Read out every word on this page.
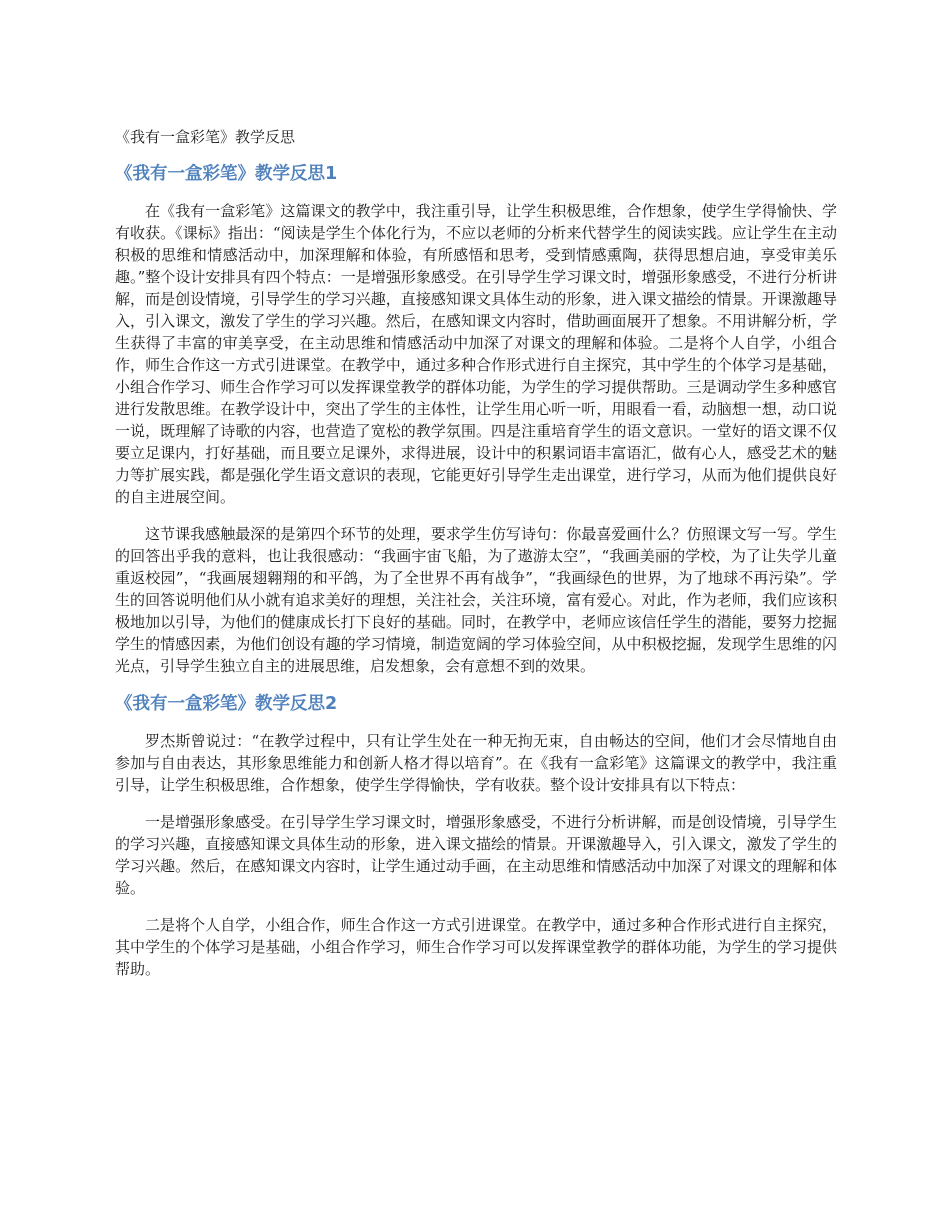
《我有一盒彩笔》教学反思
《我有一盒彩笔》教学反思1

在《我有一盒彩笔》这篇课文的教学中，我注重引导，让学生积极思维，合作想象，使学生学得愉快、学有收获。《课标》指出：“阅读是学生个体化行为，不应以老师的分析来代替学生的阅读实践。应让学生在主动积极的思维和情感活动中，加深理解和体验，有所感悟和思考，受到情感熏陶，获得思想启迪，享受审美乐趣。”整个设计安排具有四个特点：一是增强形象感受。在引导学生学习课文时，增强形象感受，不进行分析讲解，而是创设情境，引导学生的学习兴趣，直接感知课文具体生动的形象，进入课文描绘的情景。开课激趣导入，引入课文，激发了学生的学习兴趣。然后，在感知课文内容时，借助画面展开了想象。不用讲解分析，学生获得了丰富的审美享受，在主动思维和情感活动中加深了对课文的理解和体验。二是将个人自学，小组合作，师生合作这一方式引进课堂。在教学中，通过多种合作形式进行自主探究，其中学生的个体学习是基础，小组合作学习、师生合作学习可以发挥课堂教学的群体功能，为学生的学习提供帮助。三是调动学生多种感官进行发散思维。在教学设计中，突出了学生的主体性，让学生用心听一听，用眼看一看，动脑想一想，动口说一说，既理解了诗歌的内容，也营造了宽松的教学氛围。四是注重培育学生的语文意识。一堂好的语文课不仅要立足课内，打好基础，而且要立足课外，求得进展，设计中的积累词语丰富语汇，做有心人，感受艺术的魅力等扩展实践，都是强化学生语文意识的表现，它能更好引导学生走出课堂，进行学习，从而为他们提供良好的自主进展空间。

这节课我感触最深的是第四个环节的处理，要求学生仿写诗句：你最喜爱画什么？仿照课文写一写。学生的回答出乎我的意料，也让我很感动：“我画宇宙飞船，为了遨游太空”，“我画美丽的学校，为了让失学儿童重返校园”，“我画展翅翱翔的和平鸽，为了全世界不再有战争”，“我画绿色的世界，为了地球不再污染”。学生的回答说明他们从小就有追求美好的理想，关注社会，关注环境，富有爱心。对此，作为老师，我们应该积极地加以引导，为他们的健康成长打下良好的基础。同时，在教学中，老师应该信任学生的潜能，要努力挖掘学生的情感因素，为他们创设有趣的学习情境，制造宽阔的学习体验空间，从中积极挖掘，发现学生思维的闪光点，引导学生独立自主的进展思维，启发想象，会有意想不到的效果。

《我有一盒彩笔》教学反思2

罗杰斯曾说过：“在教学过程中，只有让学生处在一种无拘无束，自由畅达的空间，他们才会尽情地自由参加与自由表达，其形象思维能力和创新人格才得以培育”。在《我有一盒彩笔》这篇课文的教学中，我注重引导，让学生积极思维，合作想象，使学生学得愉快，学有收获。整个设计安排具有以下特点：

一是增强形象感受。在引导学生学习课文时，增强形象感受，不进行分析讲解，而是创设情境，引导学生的学习兴趣，直接感知课文具体生动的形象，进入课文描绘的情景。开课激趣导入，引入课文，激发了学生的学习兴趣。然后，在感知课文内容时，让学生通过动手画，在主动思维和情感活动中加深了对课文的理解和体验。

二是将个人自学，小组合作，师生合作这一方式引进课堂。在教学中，通过多种合作形式进行自主探究，其中学生的个体学习是基础，小组合作学习，师生合作学习可以发挥课堂教学的群体功能，为学生的学习提供帮助。
